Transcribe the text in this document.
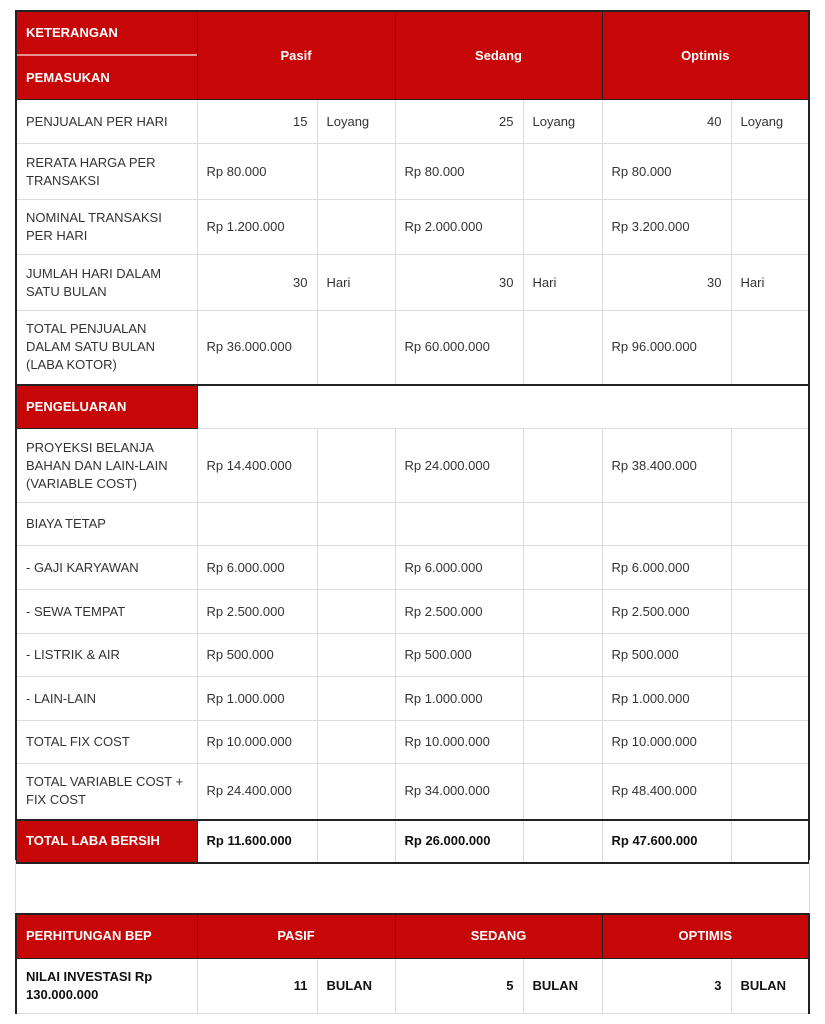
KETERANGAN
PEMASUKAN	Pasif		Sedang		Optimis	
PENJUALAN PER HARI	15	Loyang	25	Loyang	40	Loyang
RERATA HARGA PER TRANSAKSI	Rp 80.000		Rp 80.000		Rp 80.000	
NOMINAL TRANSAKSI PER HARI	Rp 1.200.000		Rp 2.000.000		Rp 3.200.000	
JUMLAH HARI DALAM SATU BULAN	30	Hari	30	Hari	30	Hari
TOTAL PENJUALAN DALAM SATU BULAN (LABA KOTOR)	Rp 36.000.000		Rp 60.000.000		Rp 96.000.000	
PENGELUARAN						
PROYEKSI BELANJA BAHAN DAN LAIN-LAIN (VARIABLE COST)	Rp 14.400.000		Rp 24.000.000		Rp 38.400.000	
BIAYA TETAP						
- GAJI KARYAWAN	Rp 6.000.000		Rp 6.000.000		Rp 6.000.000	
- SEWA TEMPAT	Rp 2.500.000		Rp 2.500.000		Rp 2.500.000	
- LISTRIK & AIR	Rp 500.000		Rp 500.000		Rp 500.000	
- LAIN-LAIN	Rp 1.000.000		Rp 1.000.000		Rp 1.000.000	
TOTAL FIX COST	Rp 10.000.000		Rp 10.000.000		Rp 10.000.000	
TOTAL VARIABLE COST + FIX COST	Rp 24.400.000		Rp 34.000.000		Rp 48.400.000	
TOTAL LABA BERSIH	Rp 11.600.000		Rp 26.000.000		Rp 47.600.000	
PERHITUNGAN BEP	PASIF		SEDANG		OPTIMIS	
NILAI INVESTASI Rp 130.000.000	11	BULAN	5	BULAN	3	BULAN
